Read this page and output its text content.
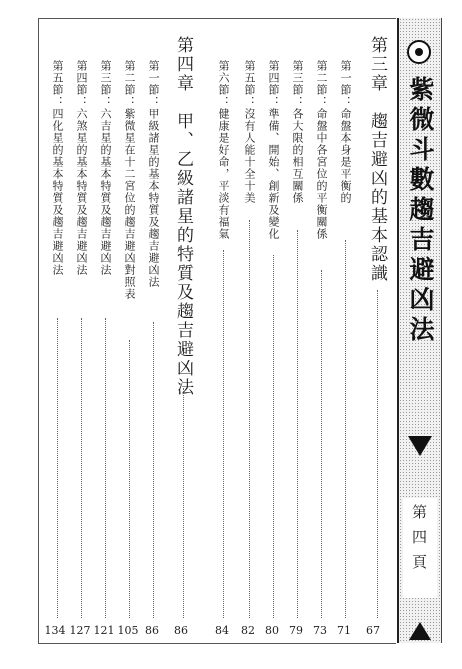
紫微斗數趨吉避凶法
第四頁
第三章　趨吉避凶的基本認識
第一節：命盤本身是平衡的
第二節：命盤中各宮位的平衡關係
第三節：各大限的相互關係
第四節：準備、開始、創新及變化
第五節：沒有人能十全十美
第六節：健康是好命，平淡有福氣
第四章　甲、乙級諸星的特質及趨吉避凶法
第一節：甲級諸星的基本特質及趨吉避凶法
第二節：紫微星在十二宮位的趨吉避凶對照表
第三節：六吉星的基本特質及趨吉避凶法
第四節：六煞星的基本特質及趨吉避凶法
第五節：四化星的基本特質及趨吉避凶法
67
71
73
79
80
82
84
86
86
105
121
127
134
